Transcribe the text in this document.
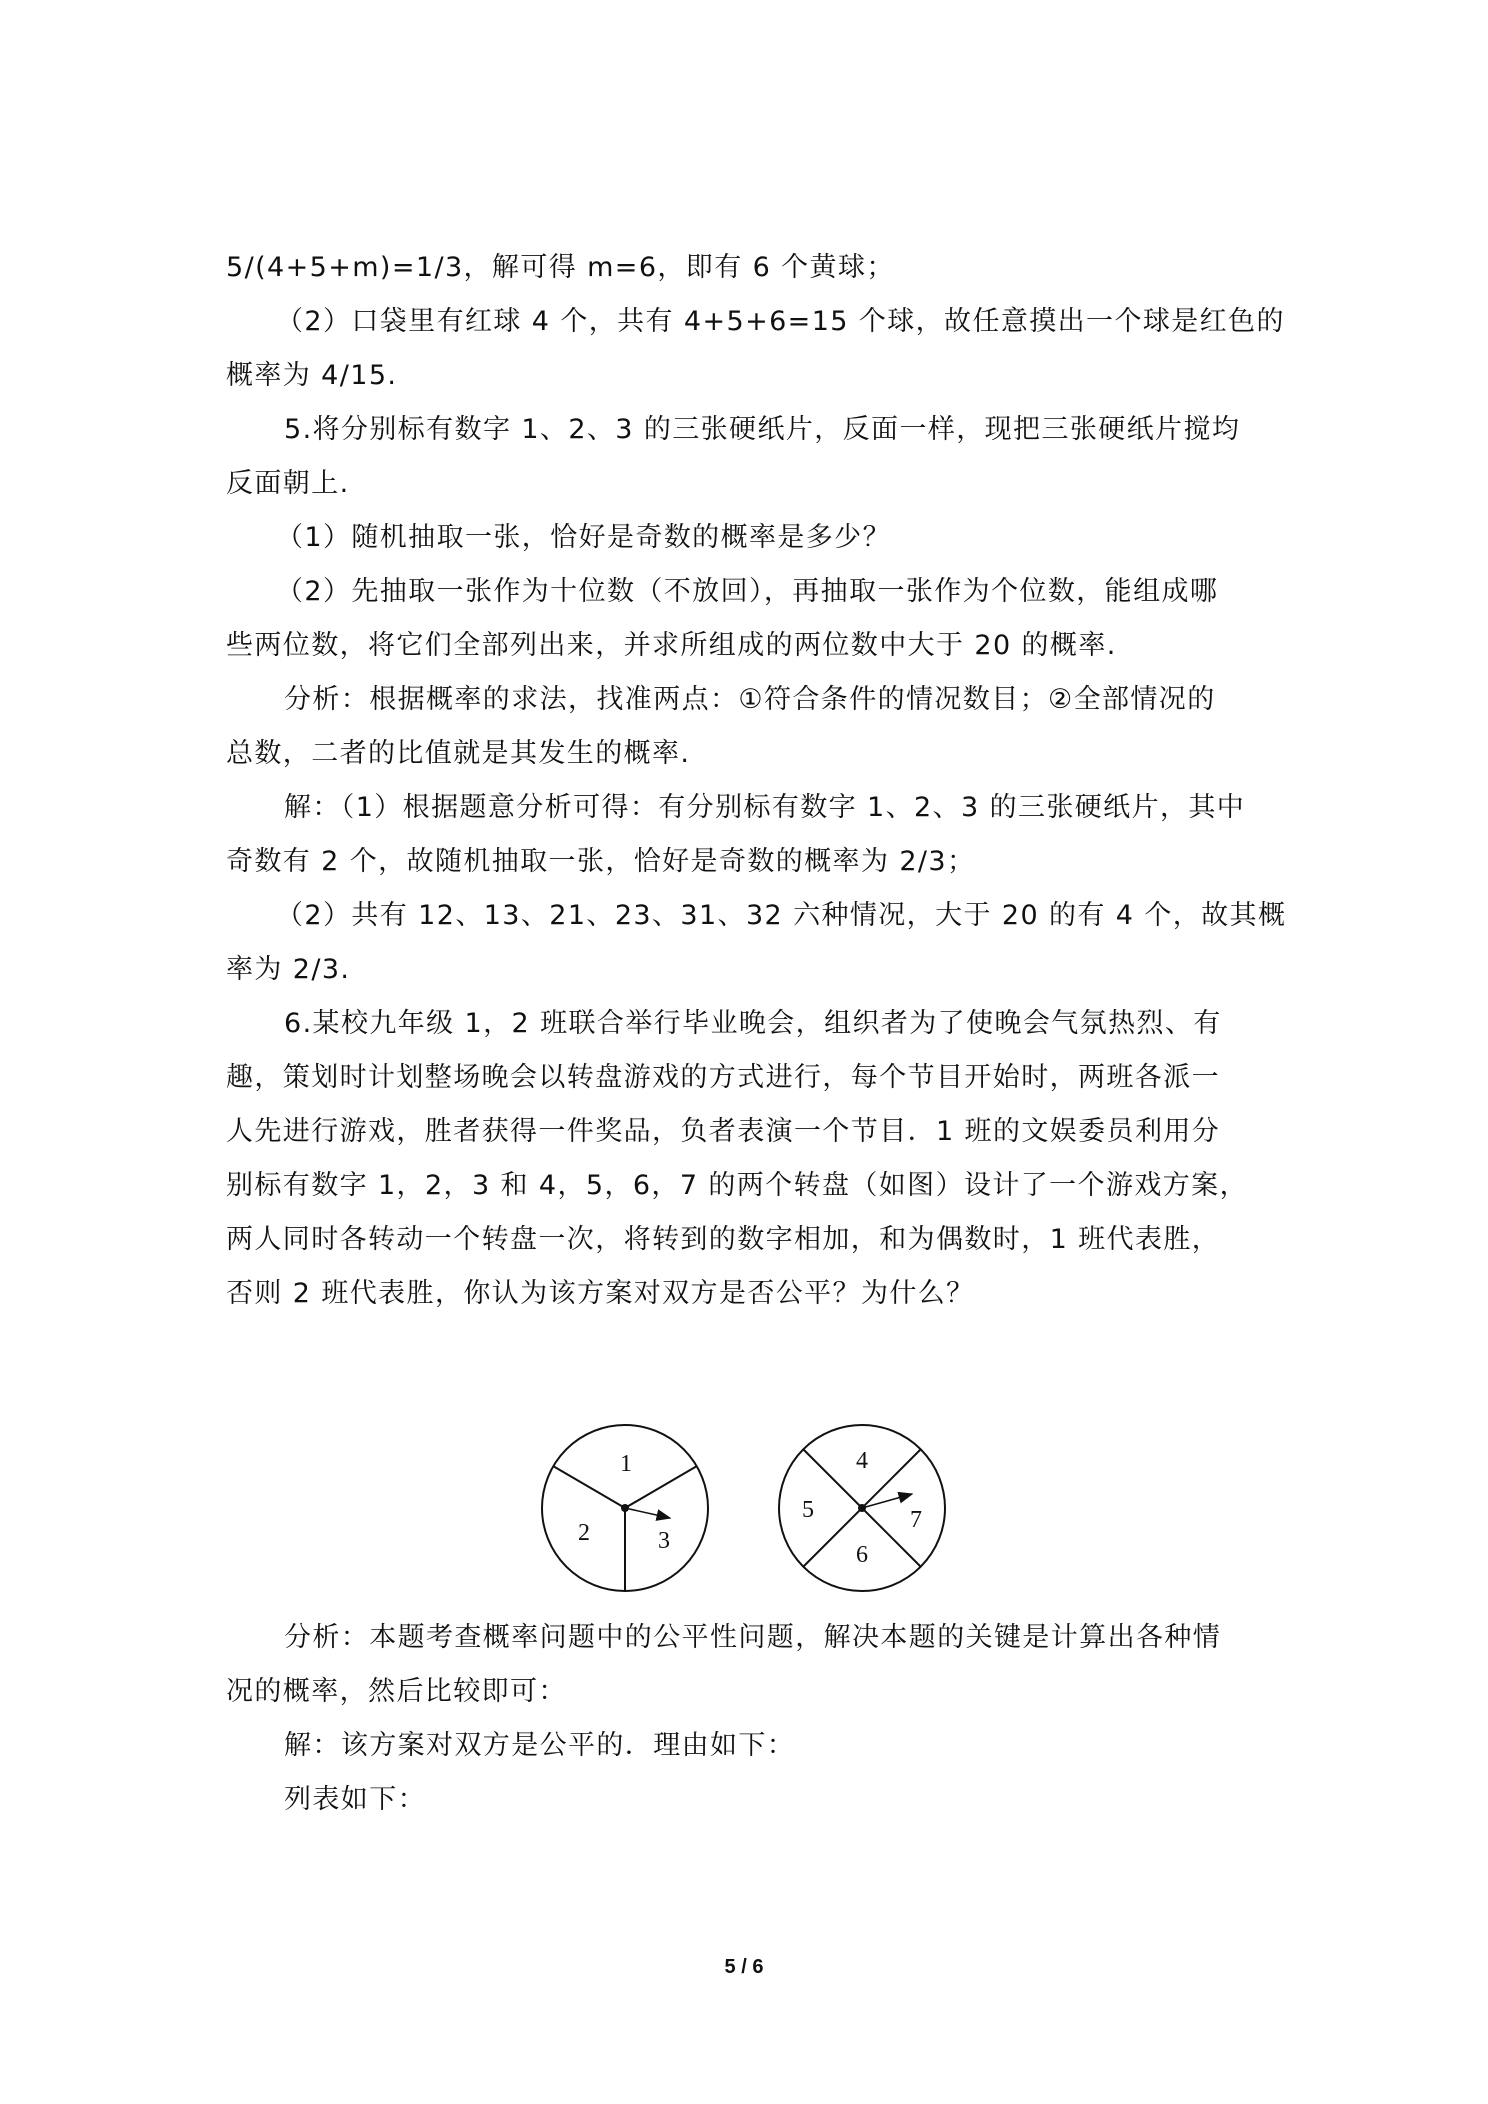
5/(4+5+m)=1/3，解可得 m=6，即有 6 个黄球；
（2）口袋里有红球 4 个，共有 4+5+6=15 个球，故任意摸出一个球是红色的
概率为 4/15.
5.将分别标有数字 1、2、3 的三张硬纸片，反面一样，现把三张硬纸片搅均
反面朝上.
（1）随机抽取一张，恰好是奇数的概率是多少？
（2）先抽取一张作为十位数（不放回），再抽取一张作为个位数，能组成哪
些两位数，将它们全部列出来，并求所组成的两位数中大于 20 的概率.
分析：根据概率的求法，找准两点：①符合条件的情况数目；②全部情况的
总数，二者的比值就是其发生的概率.
解：（1）根据题意分析可得：有分别标有数字 1、2、3 的三张硬纸片，其中
奇数有 2 个，故随机抽取一张，恰好是奇数的概率为 2/3；
（2）共有 12、13、21、23、31、32 六种情况，大于 20 的有 4 个，故其概
率为 2/3.
6.某校九年级 1，2 班联合举行毕业晚会，组织者为了使晚会气氛热烈、有
趣，策划时计划整场晚会以转盘游戏的方式进行，每个节目开始时，两班各派一
人先进行游戏，胜者获得一件奖品，负者表演一个节目．1 班的文娱委员利用分
别标有数字 1，2，3 和 4，5，6，7 的两个转盘（如图）设计了一个游戏方案，
两人同时各转动一个转盘一次，将转到的数字相加，和为偶数时，1 班代表胜，
否则 2 班代表胜，你认为该方案对双方是否公平？为什么？
1
2	3
4
5
6
7
分析：本题考查概率问题中的公平性问题，解决本题的关键是计算出各种情
况的概率，然后比较即可：
解：该方案对双方是公平的．理由如下：
列表如下：
5 / 6
